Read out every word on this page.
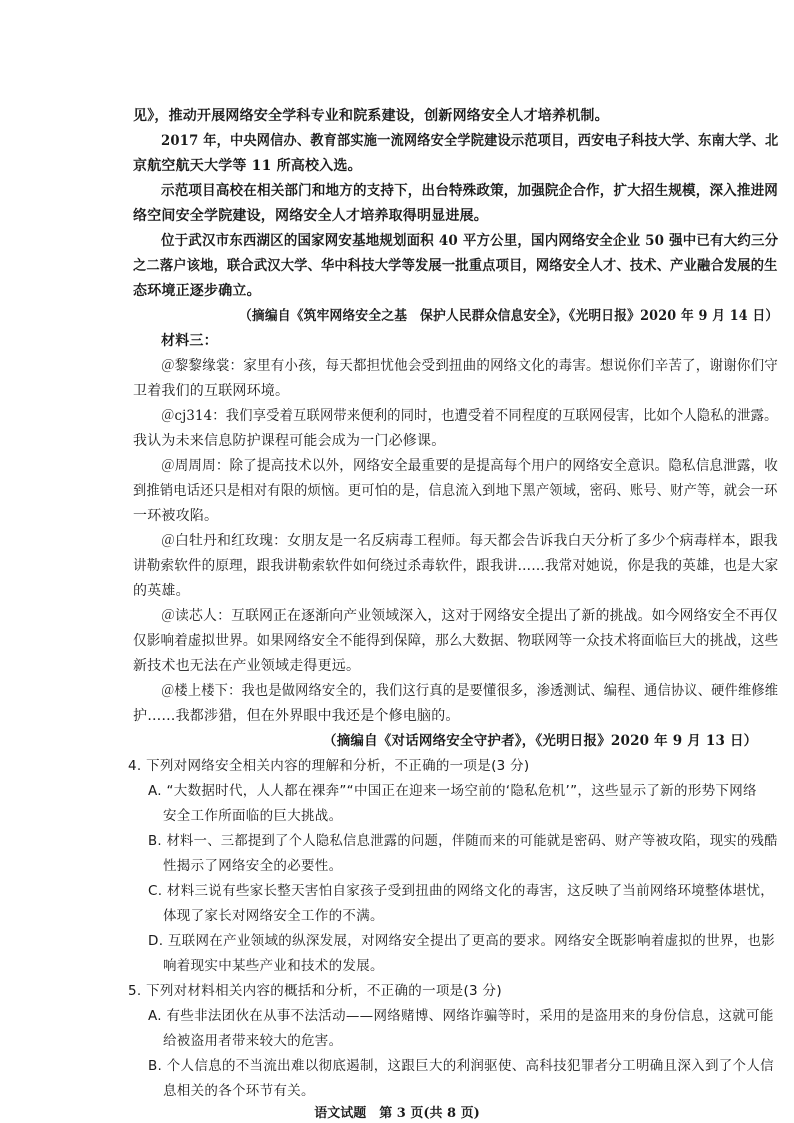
见》，推动开展网络安全学科专业和院系建设，创新网络安全人才培养机制。
2017 年，中央网信办、教育部实施一流网络安全学院建设示范项目，西安电子科技大学、东南大学、北
京航空航天大学等 11 所高校入选。
示范项目高校在相关部门和地方的支持下，出台特殊政策，加强院企合作，扩大招生规模，深入推进网
络空间安全学院建设，网络安全人才培养取得明显进展。
位于武汉市东西湖区的国家网安基地规划面积 40 平方公里，国内网络安全企业 50 强中已有大约三分
之二落户该地，联合武汉大学、华中科技大学等发展一批重点项目，网络安全人才、技术、产业融合发展的生
态环境正逐步确立。
（摘编自《筑牢网络安全之基　保护人民群众信息安全》，《光明日报》2020 年 9 月 14 日）
材料三：
＠黎黎缘裳：家里有小孩，每天都担忧他会受到扭曲的网络文化的毒害。想说你们辛苦了，谢谢你们守
卫着我们的互联网环境。
＠cj314：我们享受着互联网带来便利的同时，也遭受着不同程度的互联网侵害，比如个人隐私的泄露。
我认为未来信息防护课程可能会成为一门必修课。
＠周周周：除了提高技术以外，网络安全最重要的是提高每个用户的网络安全意识。隐私信息泄露，收
到推销电话还只是相对有限的烦恼。更可怕的是，信息流入到地下黑产领域，密码、账号、财产等，就会一环
一环被攻陷。
＠白牡丹和红玫瑰：女朋友是一名反病毒工程师。每天都会告诉我白天分析了多少个病毒样本，跟我
讲勒索软件的原理，跟我讲勒索软件如何绕过杀毒软件，跟我讲……我常对她说，你是我的英雄，也是大家
的英雄。
＠读芯人：互联网正在逐渐向产业领域深入，这对于网络安全提出了新的挑战。如今网络安全不再仅
仅影响着虚拟世界。如果网络安全不能得到保障，那么大数据、物联网等一众技术将面临巨大的挑战，这些
新技术也无法在产业领域走得更远。
＠楼上楼下：我也是做网络安全的，我们这行真的是要懂很多，渗透测试、编程、通信协议、硬件维修维
护……我都涉猎，但在外界眼中我还是个修电脑的。
（摘编自《对话网络安全守护者》，《光明日报》2020 年 9 月 13 日）
4. 下列对网络安全相关内容的理解和分析，不正确的一项是(3 分)
A. “大数据时代，人人都在裸奔”“中国正在迎来一场空前的‘隐私危机’”，这些显示了新的形势下网络
安全工作所面临的巨大挑战。
B. 材料一、三都提到了个人隐私信息泄露的问题，伴随而来的可能就是密码、财产等被攻陷，现实的残酷
性揭示了网络安全的必要性。
C. 材料三说有些家长整天害怕自家孩子受到扭曲的网络文化的毒害，这反映了当前网络环境整体堪忧，
体现了家长对网络安全工作的不满。
D. 互联网在产业领域的纵深发展，对网络安全提出了更高的要求。网络安全既影响着虚拟的世界，也影
响着现实中某些产业和技术的发展。
5. 下列对材料相关内容的概括和分析，不正确的一项是(3 分)
A. 有些非法团伙在从事不法活动——网络赌博、网络诈骗等时，采用的是盗用来的身份信息，这就可能
给被盗用者带来较大的危害。
B. 个人信息的不当流出难以彻底遏制，这跟巨大的利润驱使、高科技犯罪者分工明确且深入到了个人信
息相关的各个环节有关。
语文试题　第 3 页(共 8 页)
